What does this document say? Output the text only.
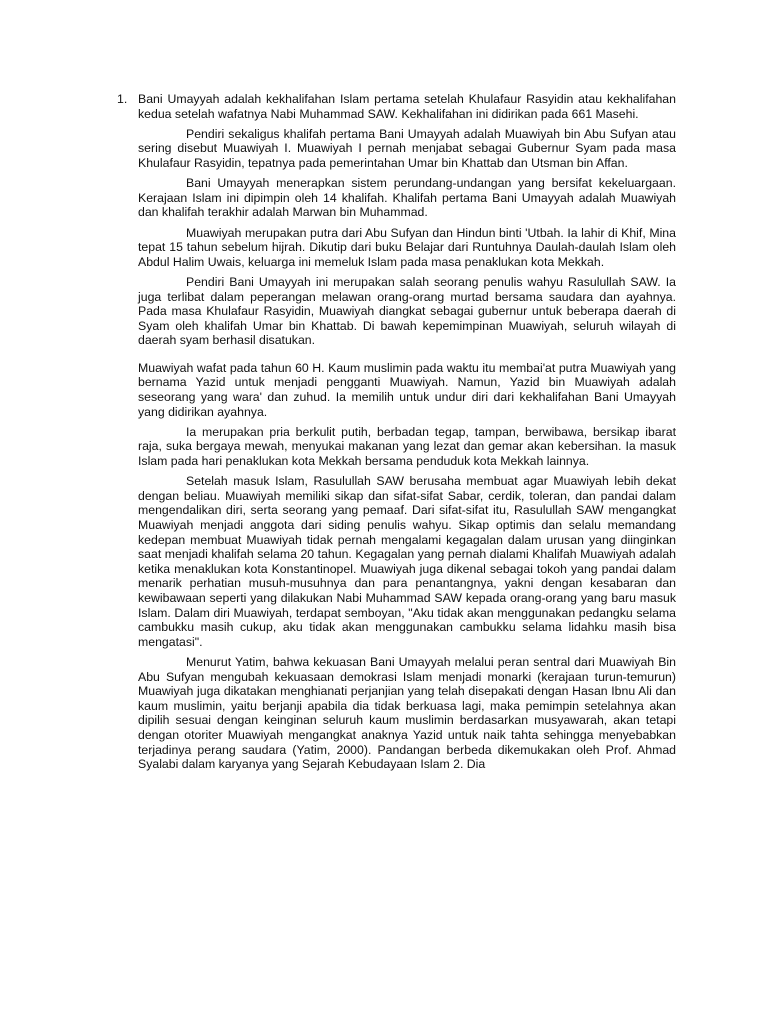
1. Bani Umayyah adalah kekhalifahan Islam pertama setelah Khulafaur Rasyidin atau kekhalifahan kedua setelah wafatnya Nabi Muhammad SAW. Kekhalifahan ini didirikan pada 661 Masehi.

Pendiri sekaligus khalifah pertama Bani Umayyah adalah Muawiyah bin Abu Sufyan atau sering disebut Muawiyah I. Muawiyah I pernah menjabat sebagai Gubernur Syam pada masa Khulafaur Rasyidin, tepatnya pada pemerintahan Umar bin Khattab dan Utsman bin Affan.

Bani Umayyah menerapkan sistem perundang-undangan yang bersifat kekeluargaan. Kerajaan Islam ini dipimpin oleh 14 khalifah. Khalifah pertama Bani Umayyah adalah Muawiyah dan khalifah terakhir adalah Marwan bin Muhammad.

Muawiyah merupakan putra dari Abu Sufyan dan Hindun binti 'Utbah. Ia lahir di Khif, Mina tepat 15 tahun sebelum hijrah. Dikutip dari buku Belajar dari Runtuhnya Daulah-daulah Islam oleh Abdul Halim Uwais, keluarga ini memeluk Islam pada masa penaklukan kota Mekkah.

Pendiri Bani Umayyah ini merupakan salah seorang penulis wahyu Rasulullah SAW. Ia juga terlibat dalam peperangan melawan orang-orang murtad bersama saudara dan ayahnya. Pada masa Khulafaur Rasyidin, Muawiyah diangkat sebagai gubernur untuk beberapa daerah di Syam oleh khalifah Umar bin Khattab. Di bawah kepemimpinan Muawiyah, seluruh wilayah di daerah syam berhasil disatukan.

Muawiyah wafat pada tahun 60 H. Kaum muslimin pada waktu itu membai'at putra Muawiyah yang bernama Yazid untuk menjadi pengganti Muawiyah. Namun, Yazid bin Muawiyah adalah seseorang yang wara' dan zuhud. Ia memilih untuk undur diri dari kekhalifahan Bani Umayyah yang didirikan ayahnya.

Ia merupakan pria berkulit putih, berbadan tegap, tampan, berwibawa, bersikap ibarat raja, suka bergaya mewah, menyukai makanan yang lezat dan gemar akan kebersihan. Ia masuk Islam pada hari penaklukan kota Mekkah bersama penduduk kota Mekkah lainnya.

Setelah masuk Islam, Rasulullah SAW berusaha membuat agar Muawiyah lebih dekat dengan beliau. Muawiyah memiliki sikap dan sifat-sifat Sabar, cerdik, toleran, dan pandai dalam mengendalikan diri, serta seorang yang pemaaf. Dari sifat-sifat itu, Rasulullah SAW mengangkat Muawiyah menjadi anggota dari siding penulis wahyu. Sikap optimis dan selalu memandang kedepan membuat Muawiyah tidak pernah mengalami kegagalan dalam urusan yang diinginkan saat menjadi khalifah selama 20 tahun. Kegagalan yang pernah dialami Khalifah Muawiyah adalah ketika menaklukan kota Konstantinopel. Muawiyah juga dikenal sebagai tokoh yang pandai dalam menarik perhatian musuh-musuhnya dan para penantangnya, yakni dengan kesabaran dan kewibawaan seperti yang dilakukan Nabi Muhammad SAW kepada orang-orang yang baru masuk Islam. Dalam diri Muawiyah, terdapat semboyan, "Aku tidak akan menggunakan pedangku selama cambukku masih cukup, aku tidak akan menggunakan cambukku selama lidahku masih bisa mengatasi".

Menurut Yatim, bahwa kekuasan Bani Umayyah melalui peran sentral dari Muawiyah Bin Abu Sufyan mengubah kekuasaan demokrasi Islam menjadi monarki (kerajaan turun-temurun) Muawiyah juga dikatakan menghianati perjanjian yang telah disepakati dengan Hasan Ibnu Ali dan kaum muslimin, yaitu berjanji apabila dia tidak berkuasa lagi, maka pemimpin setelahnya akan dipilih sesuai dengan keinginan seluruh kaum muslimin berdasarkan musyawarah, akan tetapi dengan otoriter Muawiyah mengangkat anaknya Yazid untuk naik tahta sehingga menyebabkan terjadinya perang saudara (Yatim, 2000). Pandangan berbeda dikemukakan oleh Prof. Ahmad Syalabi dalam karyanya yang Sejarah Kebudayaan Islam 2. Dia
